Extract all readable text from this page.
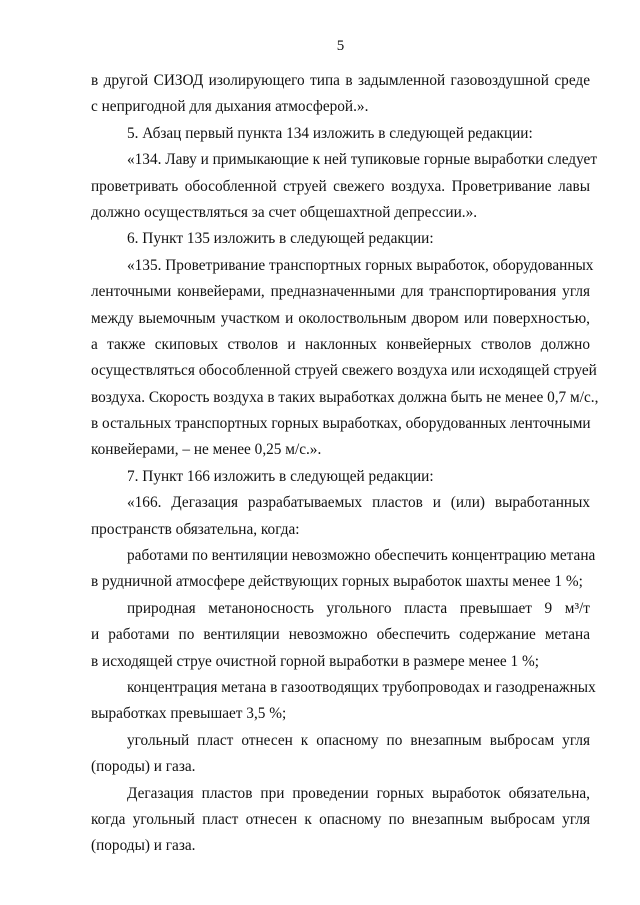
5
в другой СИЗОД изолирующего типа в задымленной газовоздушной среде
с непригодной для дыхания атмосферой.».
5. Абзац первый пункта 134 изложить в следующей редакции:
«134. Лаву и примыкающие к ней тупиковые горные выработки следует
проветривать обособленной струей свежего воздуха. Проветривание лавы
должно осуществляться за счет общешахтной депрессии.».
6. Пункт 135 изложить в следующей редакции:
«135. Проветривание транспортных горных выработок, оборудованных
ленточными конвейерами, предназначенными для транспортирования угля
между выемочным участком и околоствольным двором или поверхностью,
а также скиповых стволов и наклонных конвейерных стволов должно
осуществляться обособленной струей свежего воздуха или исходящей струей
воздуха. Скорость воздуха в таких выработках должна быть не менее 0,7 м/с.,
в остальных транспортных горных выработках, оборудованных ленточными
конвейерами, – не менее 0,25 м/с.».
7. Пункт 166 изложить в следующей редакции:
«166. Дегазация разрабатываемых пластов и (или) выработанных
пространств обязательна, когда:
работами по вентиляции невозможно обеспечить концентрацию метана
в рудничной атмосфере действующих горных выработок шахты менее 1 %;
природная метаноносность угольного пласта превышает 9 м³/т
и работами по вентиляции невозможно обеспечить содержание метана
в исходящей струе очистной горной выработки в размере менее 1 %;
концентрация метана в газоотводящих трубопроводах и газодренажных
выработках превышает 3,5 %;
угольный пласт отнесен к опасному по внезапным выбросам угля
(породы) и газа.
Дегазация пластов при проведении горных выработок обязательна,
когда угольный пласт отнесен к опасному по внезапным выбросам угля
(породы) и газа.
